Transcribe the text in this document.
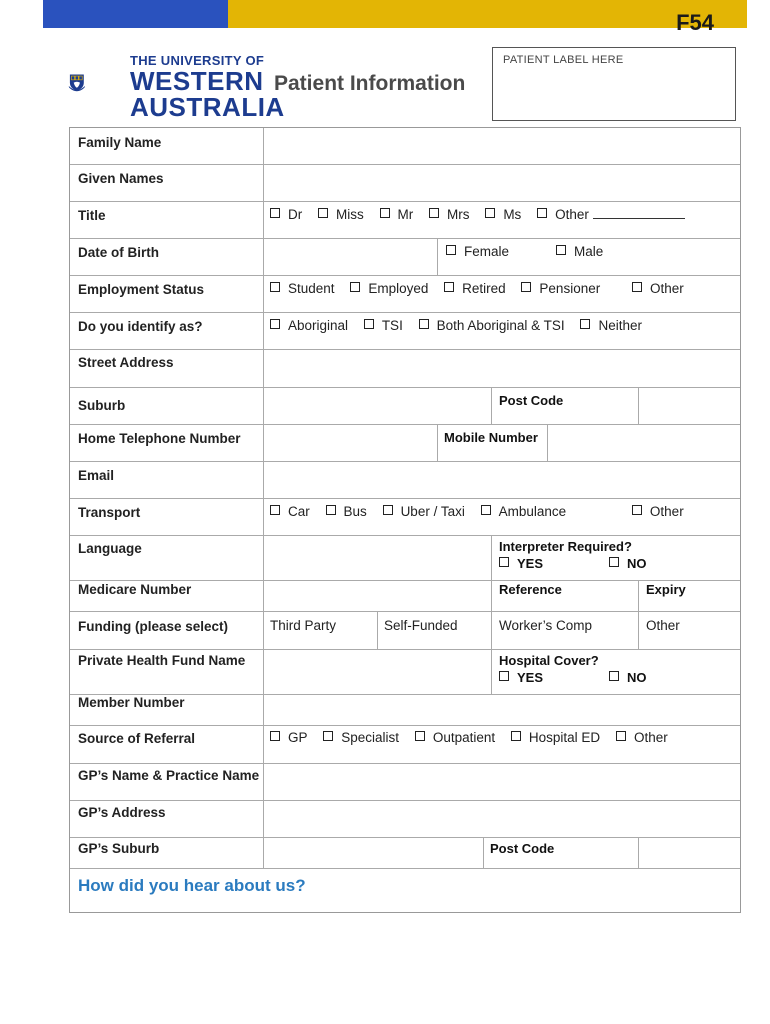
F54
THE UNIVERSITY OF
WESTERN
AUSTRALIA
Patient Information
PATIENT LABEL HERE
Family Name
Given Names
Title	Dr	Miss	Mr	Mrs	Ms	Other
Date of Birth	Female	Male
Employment Status	Student	Employed	Retired	Pensioner	Other
Do you identify as?	Aboriginal	TSI	Both Aboriginal & TSI	Neither
Street Address
Suburb	Post Code
Home Telephone Number	Mobile Number
Email
Transport	Car	Bus	Uber / Taxi	Ambulance	Other
Language	Interpreter Required?
YES	NO
Medicare Number	Reference	Expiry
Funding (please select)	Third Party	Self-Funded	Worker’s Comp	Other
Private Health Fund Name	Hospital Cover?
YES	NO
Member Number
Source of Referral	GP	Specialist	Outpatient	Hospital ED	Other
GP’s Name & Practice Name
GP’s Address
GP’s Suburb	Post Code
How did you hear about us?
